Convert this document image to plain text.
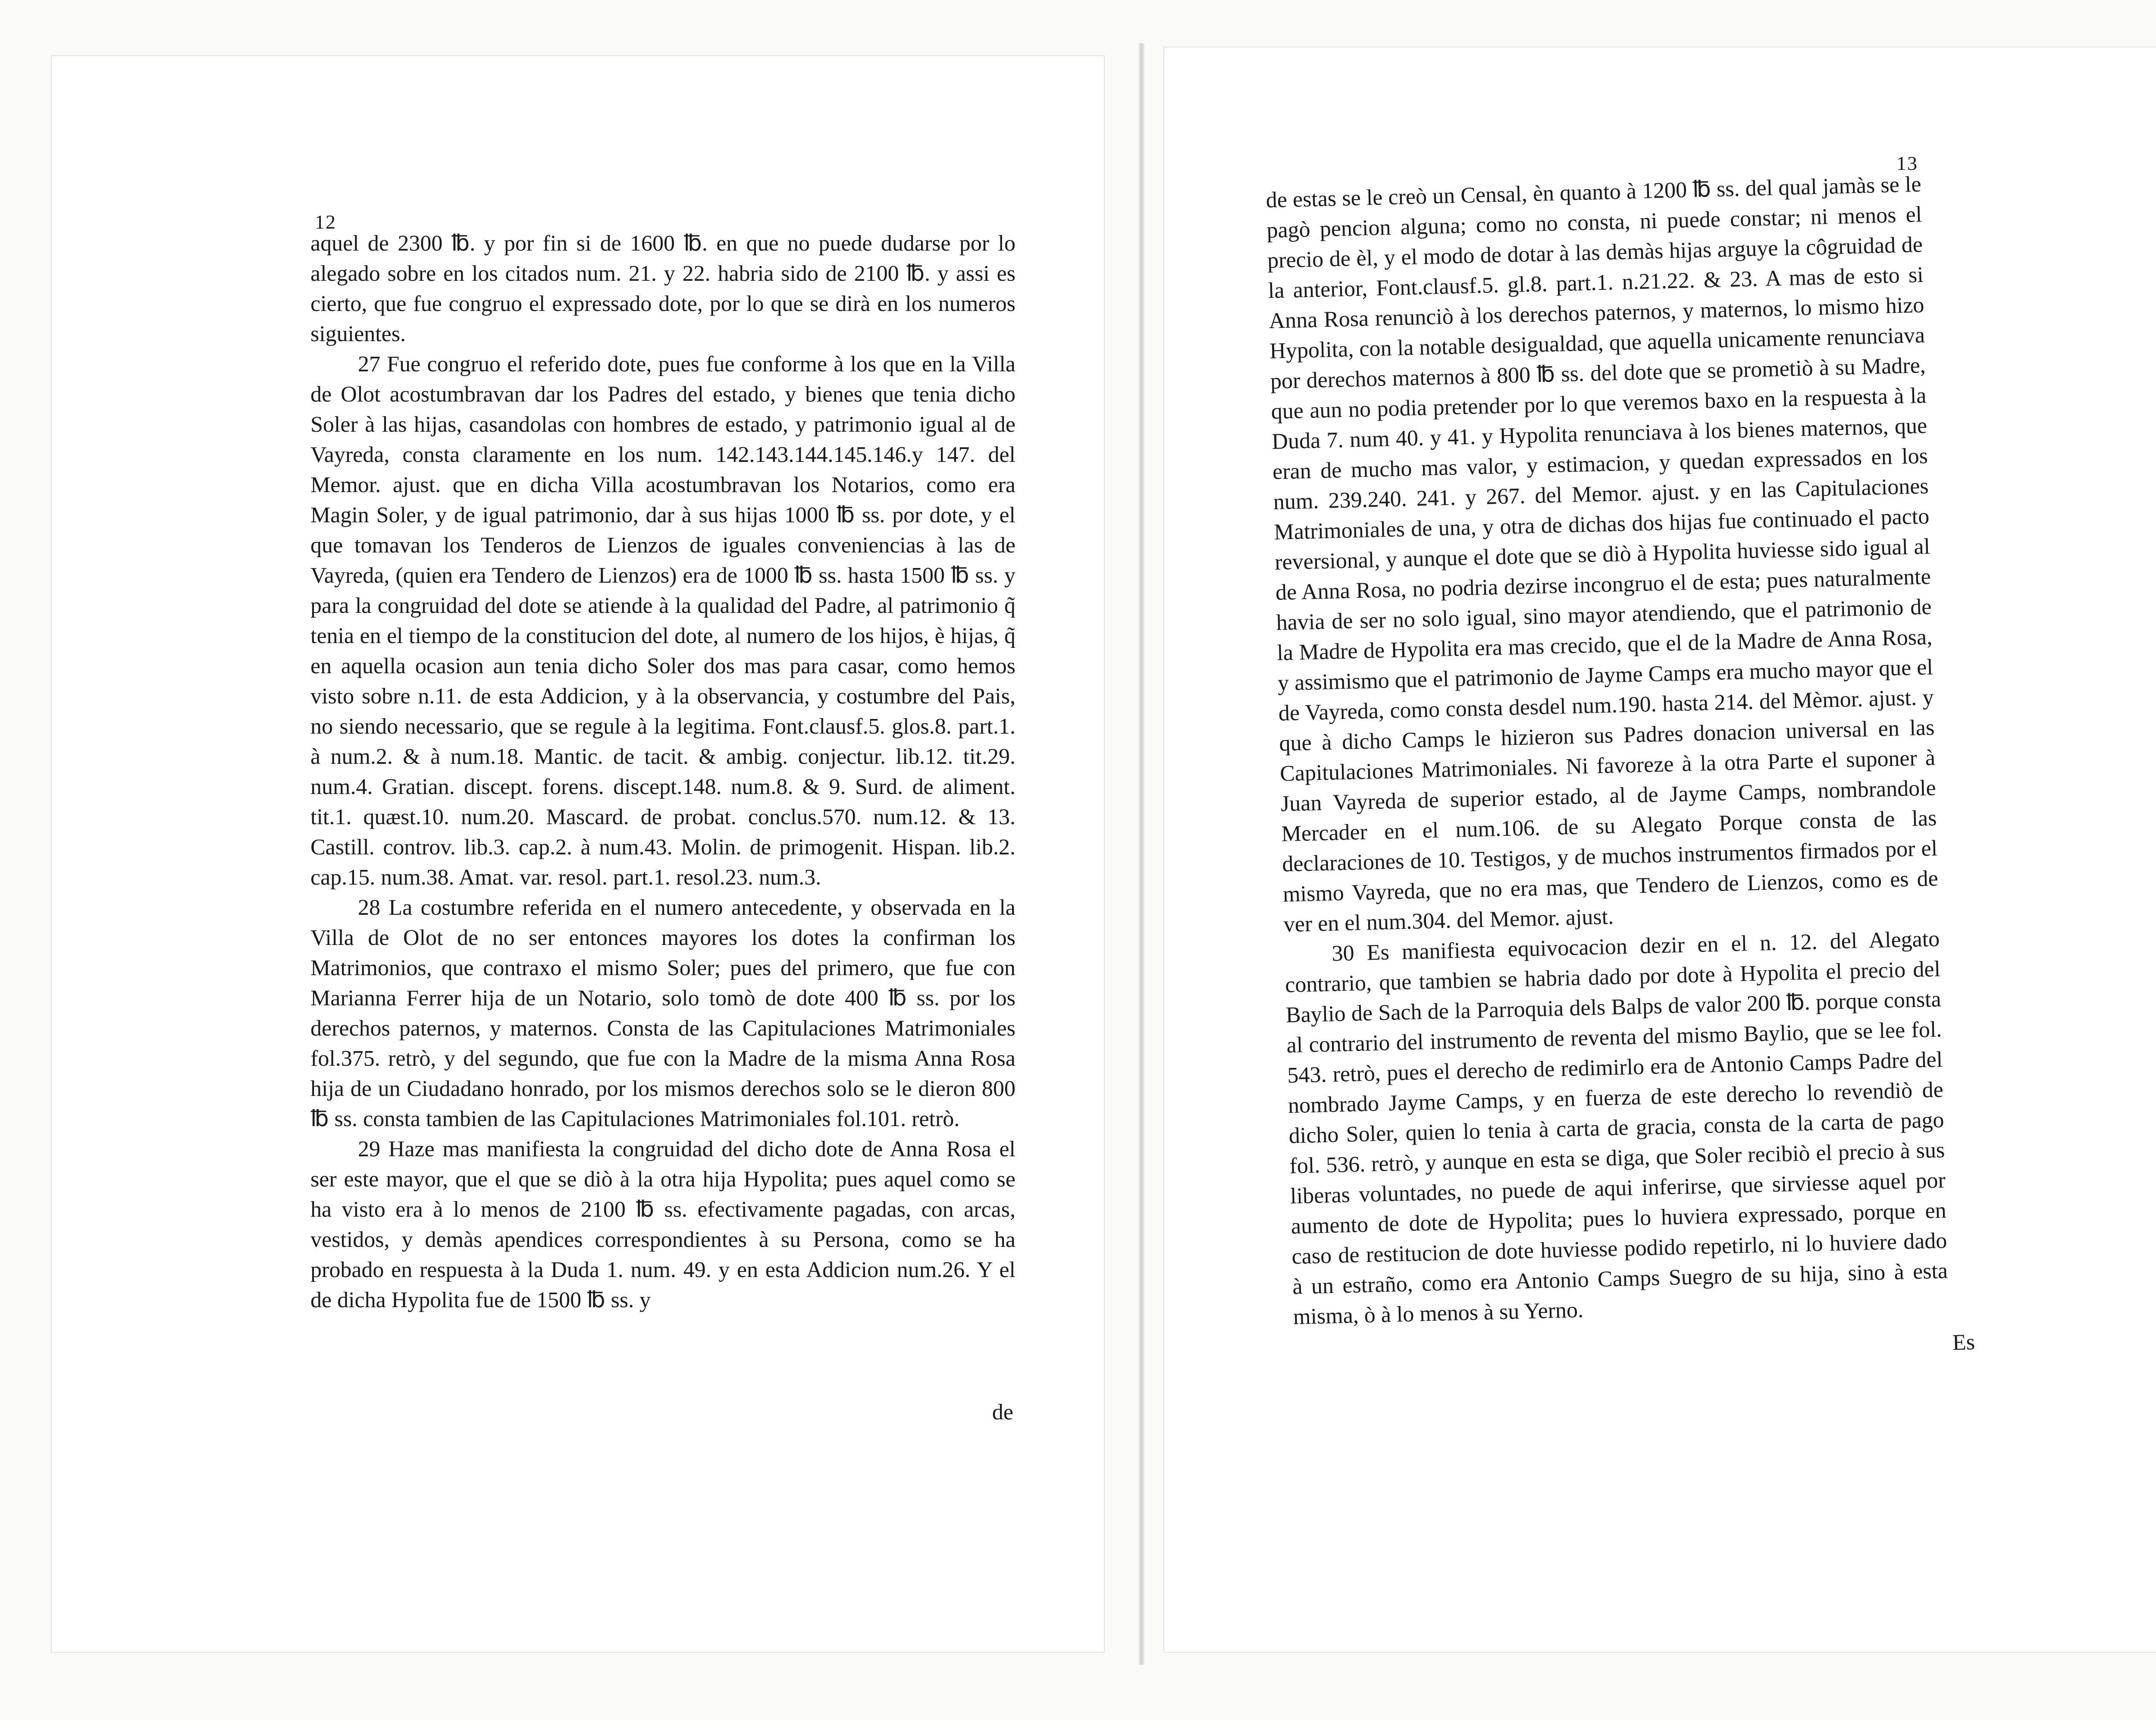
12

aquel de 2300 ℔. y por fin si de 1600 ℔. en que no puede dudarse por lo alegado sobre en los citados num. 21. y 22. habria sido de 2100 ℔. y assi es cierto, que fue congruo el expressado dote, por lo que se dirà en los numeros siguientes.

27 Fue congruo el referido dote, pues fue conforme à los que en la Villa de Olot acostumbravan dar los Padres del estado, y bienes que tenia dicho Soler à las hijas, casandolas con hombres de estado, y patrimonio igual al de Vayreda, consta claramente en los num. 142.143.144.145.146.y 147. del Memor. ajust. que en dicha Villa acostumbravan los Notarios, como era Magin Soler, y de igual patrimonio, dar à sus hijas 1000 ℔ ss. por dote, y el que tomavan los Tenderos de Lienzos de iguales conveniencias à las de Vayreda, (quien era Tendero de Lienzos) era de 1000 ℔ ss. hasta 1500 ℔ ss. y para la congruidad del dote se atiende à la qualidad del Padre, al patrimonio q̃ tenia en el tiempo de la constitucion del dote, al numero de los hijos, è hijas, q̃ en aquella ocasion aun tenia dicho Soler dos mas para casar, como hemos visto sobre n.11. de esta Addicion, y à la observancia, y costumbre del Pais, no siendo necessario, que se regule à la legitima. Font.clausf.5. glos.8. part.1. à num.2. & à num.18. Mantic. de tacit. & ambig. conjectur. lib.12. tit.29. num.4. Gratian. discept. forens. discept.148. num.8. & 9. Surd. de aliment. tit.1. quæst.10. num.20. Mascard. de probat. conclus.570. num.12. & 13. Castill. controv. lib.3. cap.2. à num.43. Molin. de primogenit. Hispan. lib.2. cap.15. num.38. Amat. var. resol. part.1. resol.23. num.3.

28 La costumbre referida en el numero antecedente, y observada en la Villa de Olot de no ser entonces mayores los dotes la confirman los Matrimonios, que contraxo el mismo Soler; pues del primero, que fue con Marianna Ferrer hija de un Notario, solo tomò de dote 400 ℔ ss. por los derechos paternos, y maternos. Consta de las Capitulaciones Matrimoniales fol.375. retrò, y del segundo, que fue con la Madre de la misma Anna Rosa hija de un Ciudadano honrado, por los mismos derechos solo se le dieron 800 ℔ ss. consta tambien de las Capitulaciones Matrimoniales fol.101. retrò.

29 Haze mas manifiesta la congruidad del dicho dote de Anna Rosa el ser este mayor, que el que se diò à la otra hija Hypolita; pues aquel como se ha visto era à lo menos de 2100 ℔ ss. efectivamente pagadas, con arcas, vestidos, y demàs apendices correspondientes à su Persona, como se ha probado en respuesta à la Duda 1. num. 49. y en esta Addicion num.26. Y el de dicha Hypolita fue de 1500 ℔ ss. y

de

13

de estas se le creò un Censal, èn quanto à 1200 ℔ ss. del qual jamàs se le pagò pencion alguna; como no consta, ni puede constar; ni menos el precio de èl, y el modo de dotar à las demàs hijas arguye la côgruidad de la anterior, Font.clausf.5. gl.8. part.1. n.21.22. & 23. A mas de esto si Anna Rosa renunciò à los derechos paternos, y maternos, lo mismo hizo Hypolita, con la notable desigualdad, que aquella unicamente renunciava por derechos maternos à 800 ℔ ss. del dote que se prometiò à su Madre, que aun no podia pretender por lo que veremos baxo en la respuesta à la Duda 7. num 40. y 41. y Hypolita renunciava à los bienes maternos, que eran de mucho mas valor, y estimacion, y quedan expressados en los num. 239.240. 241. y 267. del Memor. ajust. y en las Capitulaciones Matrimoniales de una, y otra de dichas dos hijas fue continuado el pacto reversional, y aunque el dote que se diò à Hypolita huviesse sido igual al de Anna Rosa, no podria dezirse incongruo el de esta; pues naturalmente havia de ser no solo igual, sino mayor atendiendo, que el patrimonio de la Madre de Hypolita era mas crecido, que el de la Madre de Anna Rosa, y assimismo que el patrimonio de Jayme Camps era mucho mayor que el de Vayreda, como consta desdel num.190. hasta 214. del Mèmor. ajust. y que à dicho Camps le hizieron sus Padres donacion universal en las Capitulaciones Matrimoniales. Ni favoreze à la otra Parte el suponer à Juan Vayreda de superior estado, al de Jayme Camps, nombrandole Mercader en el num.106. de su Alegato Porque consta de las declaraciones de 10. Testigos, y de muchos instrumentos firmados por el mismo Vayreda, que no era mas, que Tendero de Lienzos, como es de ver en el num.304. del Memor. ajust.

30 Es manifiesta equivocacion dezir en el n. 12. del Alegato contrario, que tambien se habria dado por dote à Hypolita el precio del Baylio de Sach de la Parroquia dels Balps de valor 200 ℔. porque consta al contrario del instrumento de reventa del mismo Baylio, que se lee fol. 543. retrò, pues el derecho de redimirlo era de Antonio Camps Padre del nombrado Jayme Camps, y en fuerza de este derecho lo revendiò de dicho Soler, quien lo tenia à carta de gracia, consta de la carta de pago fol. 536. retrò, y aunque en esta se diga, que Soler recibiò el precio à sus liberas voluntades, no puede de aqui inferirse, que sirviesse aquel por aumento de dote de Hypolita; pues lo huviera expressado, porque en caso de restitucion de dote huviesse podido repetirlo, ni lo huviere dado à un estraño, como era Antonio Camps Suegro de su hija, sino à esta misma, ò à lo menos à su Yerno.

Es
